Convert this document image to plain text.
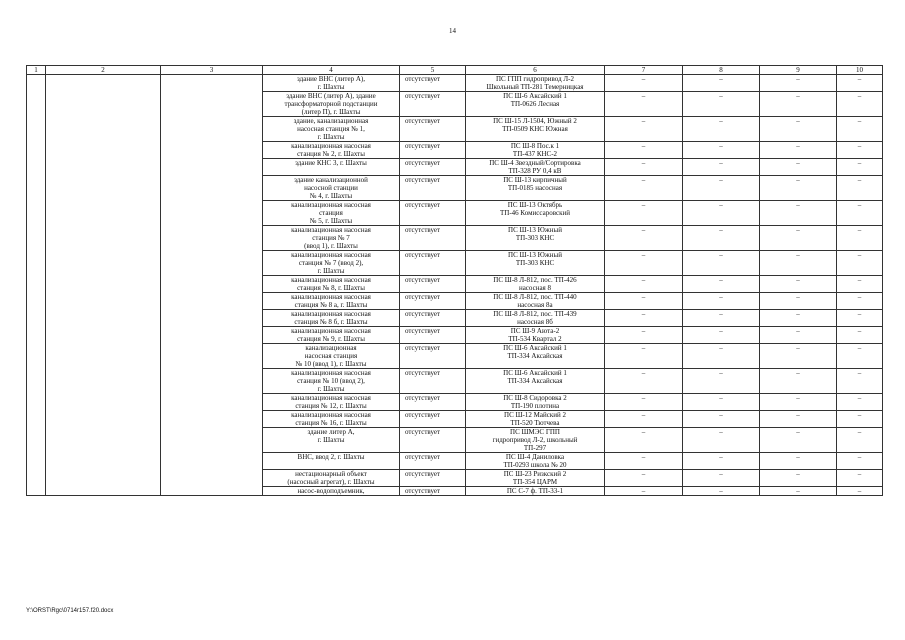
14
1	2	3	4	5	6	7	8	9	10
			здание ВНС (литер А),
г. Шахты	отсутствует	ПС ГПП гидропривод Л-2
Школьный ТП-281 Темерницкая	–	–	–	–
			здание ВНС (литер А), здание
трансформаторной подстанции
(литер П), г. Шахты	отсутствует	ПС Ш-6 Аксайский 1
ТП-0626 Лесная	–	–	–	–
			здание, канализационная
насосная станция № 1,
г. Шахты	отсутствует	ПС Ш-15 Л-1504, Южный 2
ТП-0509 КНС Южная	–	–	–	–
			канализационная насосная
станция № 2, г. Шахты	отсутствует	ПС Ш-8 Пос.к 1
ТП-437 КНС-2	–	–	–	–
			здание КНС 3, г. Шахты	отсутствует	ПС Ш-4 Звездный/Сортировка
ТП-328 РУ 0,4 кВ	–	–	–	–
			здание канализационной
насосной станции
№ 4, г. Шахты	отсутствует	ПС Ш-13 кирпичный
ТП-0185 насосная	–	–	–	–
			канализационная насосная
станция
№ 5, г. Шахты	отсутствует	ПС Ш-13 Октябрь
ТП-46 Комиссаровский	–	–	–	–
			канализационная насосная
станция № 7
(ввод 1), г. Шахты	отсутствует	ПС Ш-13 Южный
ТП-303 КНС	–	–	–	–
			канализационная насосная
станция № 7 (ввод 2),
г. Шахты	отсутствует	ПС Ш-13 Южный
ТП-303 КНС	–	–	–	–
			канализационная насосная
станция № 8, г. Шахты	отсутствует	ПС Ш-8 Л-812, пос. ТП-426
насосная 8	–	–	–	–
			канализационная насосная
станция № 8 а, г. Шахты	отсутствует	ПС Ш-8 Л-812, пос. ТП-440
насосная 8а	–	–	–	–
			канализационная насосная
станция № 8 б, г. Шахты	отсутствует	ПС Ш-8 Л-812, пос. ТП-439
насосная 8б	–	–	–	–
			канализационная насосная
станция № 9, г. Шахты	отсутствует	ПС Ш-9 Аюта-2
ТП-534 Квартал 2	–	–	–	–
			канализационная
насосная станция
№ 10 (ввод 1), г. Шахты	отсутствует	ПС Ш-6 Аксайский 1
ТП-334 Аксайская	–	–	–	–
			канализационная насосная
станция № 10 (ввод 2),
г. Шахты	отсутствует	ПС Ш-6 Аксайский 1
ТП-334 Аксайская	–	–	–	–
			канализационная насосная
станция № 12, г. Шахты	отсутствует	ПС Ш-8 Сидоровка 2
ТП-190 плотина	–	–	–	–
			канализационная насосная
станция № 16, г. Шахты	отсутствует	ПС Ш-12 Майский 2
ТП-520 Тютчева	–	–	–	–
			здание литер А,
г. Шахты	отсутствует	ПС ШМЭС ГПП
гидропривод Л-2, школьный
ТП-297	–	–	–	–
			ВНС, ввод 2, г. Шахты	отсутствует	ПС Ш-4 Даниловка
ТП-0293 школа № 20	–	–	–	–
			нестационарный объект
(насосный агрегат), г. Шахты	отсутствует	ПС Ш-23 Ризкский 2
ТП-354 ЦАРМ	–	–	–	–
			насос-водоподъемник,	отсутствует	ПС С-7 ф. ТП-33-1	–	–	–	–
Y:\ORST\Rgc\0714r157.f20.docx
